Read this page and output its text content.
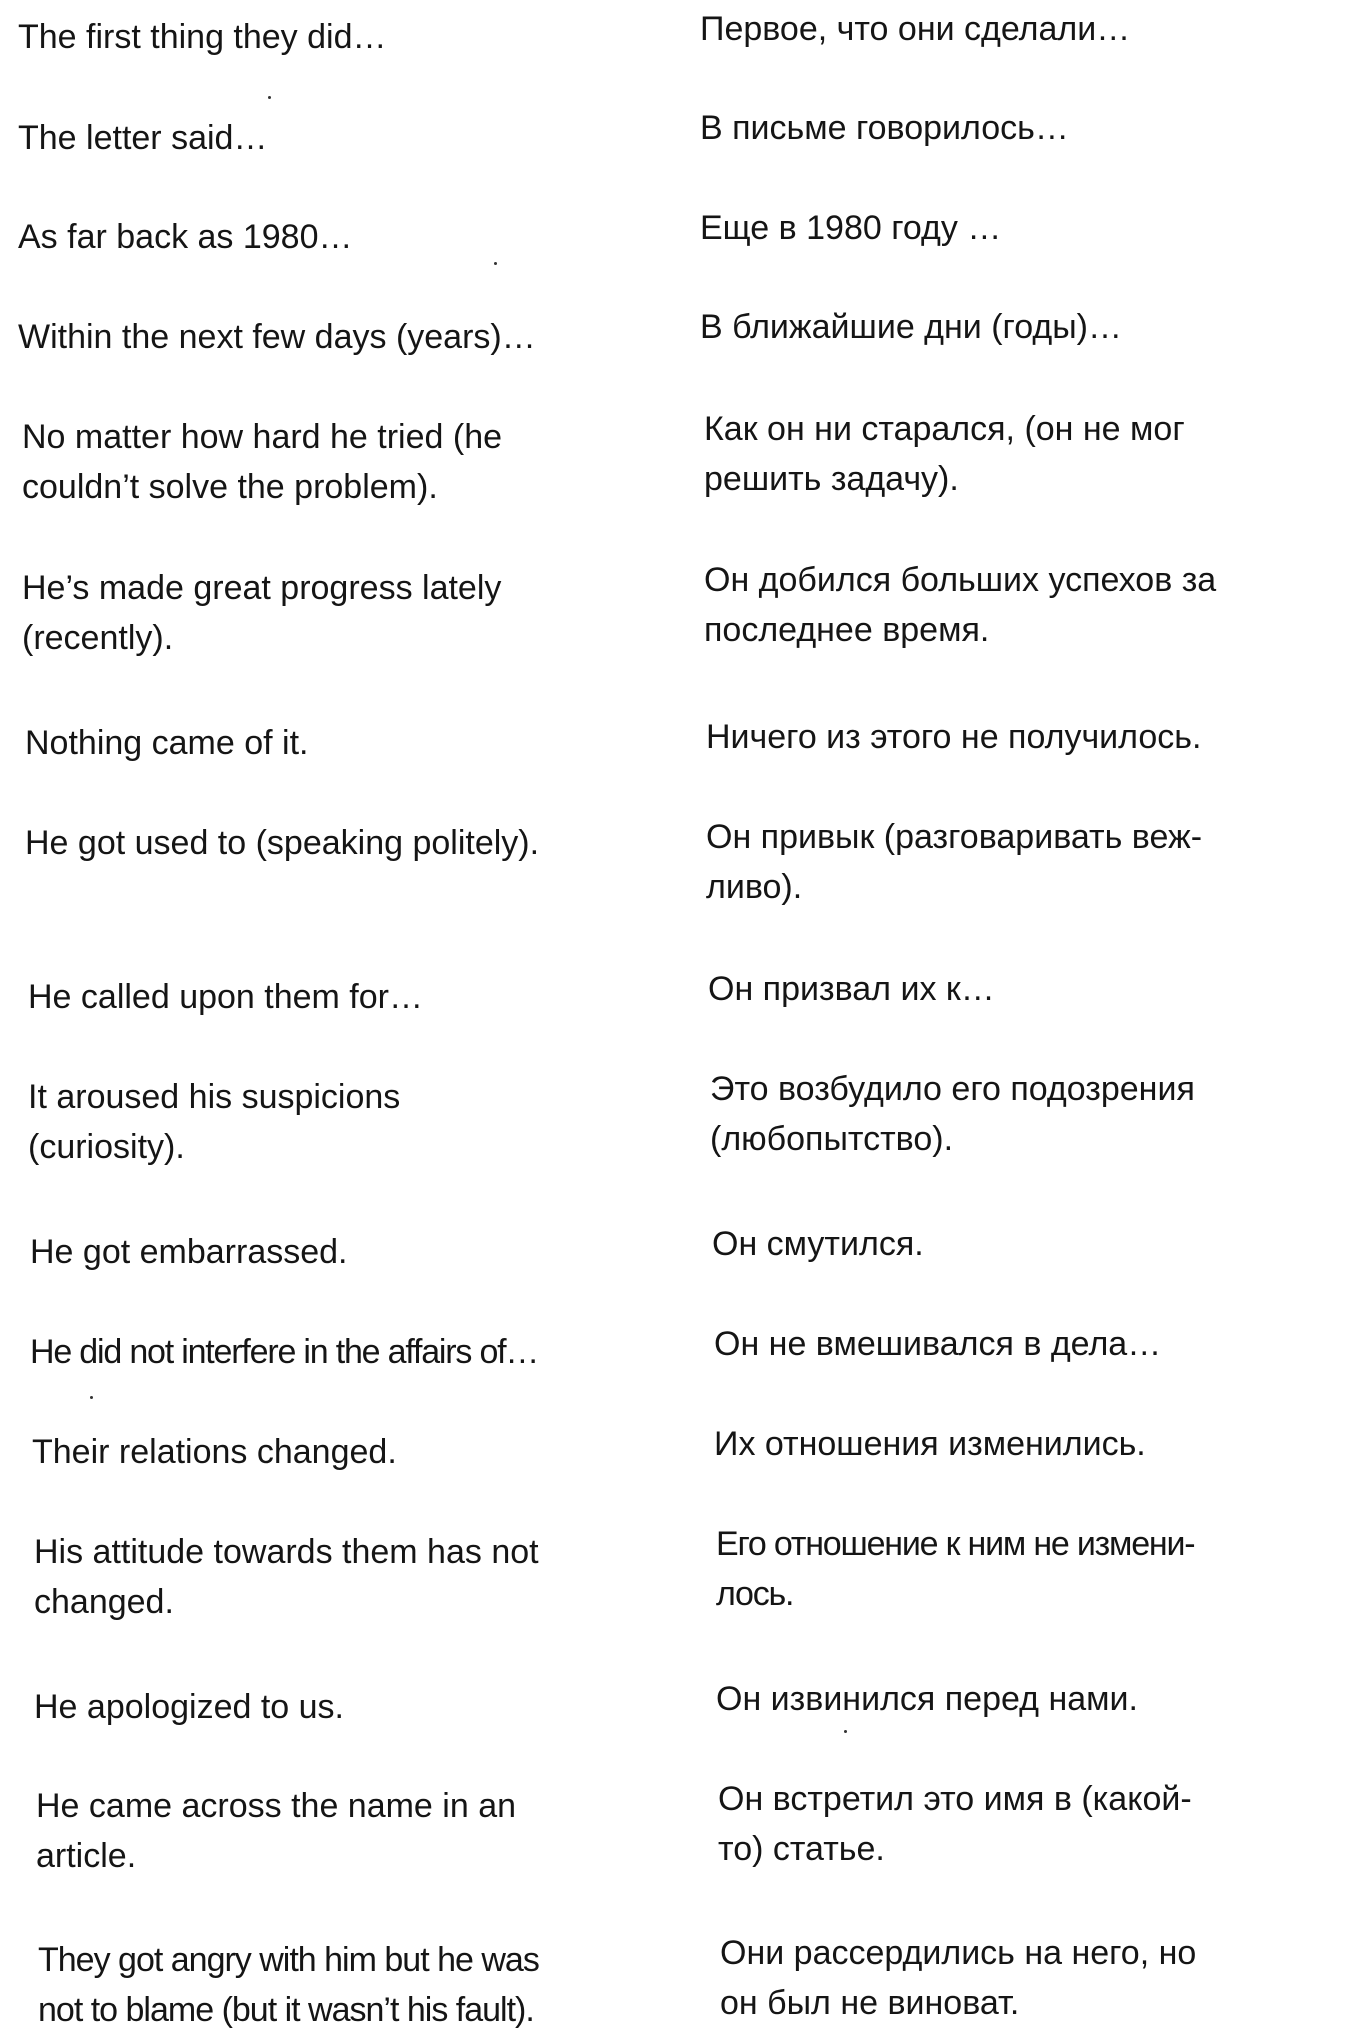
The first thing they did…

The letter said…

As far back as 1980…

Within the next few days (years)…

No matter how hard he tried (he
couldn’t solve the problem).

He’s made great progress lately
(recently).

Nothing came of it.

He got used to (speaking politely).

He called upon them for…

It aroused his suspicions
(curiosity).

He got embarrassed.

He did not interfere in the affairs of…

Their relations changed.

His attitude towards them has not
changed.

He apologized to us.

He came across the name in an
article.

They got angry with him but he was
not to blame (but it wasn’t his fault).

Первое, что они сделали…

В письме говорилось…

Еще в 1980 году …

В ближайшие дни (годы)…

Как он ни старался, (он не мог
решить задачу).

Он добился больших успехов за
последнее время.

Ничего из этого не получилось.

Он привык (разговаривать веж-
ливо).

Он призвал их к…

Это возбудило его подозрения
(любопытство).

Он смутился.

Он не вмешивался в дела…

Их отношения изменились.

Его отношение к ним не измени-
лось.

Он извинился перед нами.

Он встретил это имя в (какой-
то) статье.

Они рассердились на него, но
он был не виноват.
